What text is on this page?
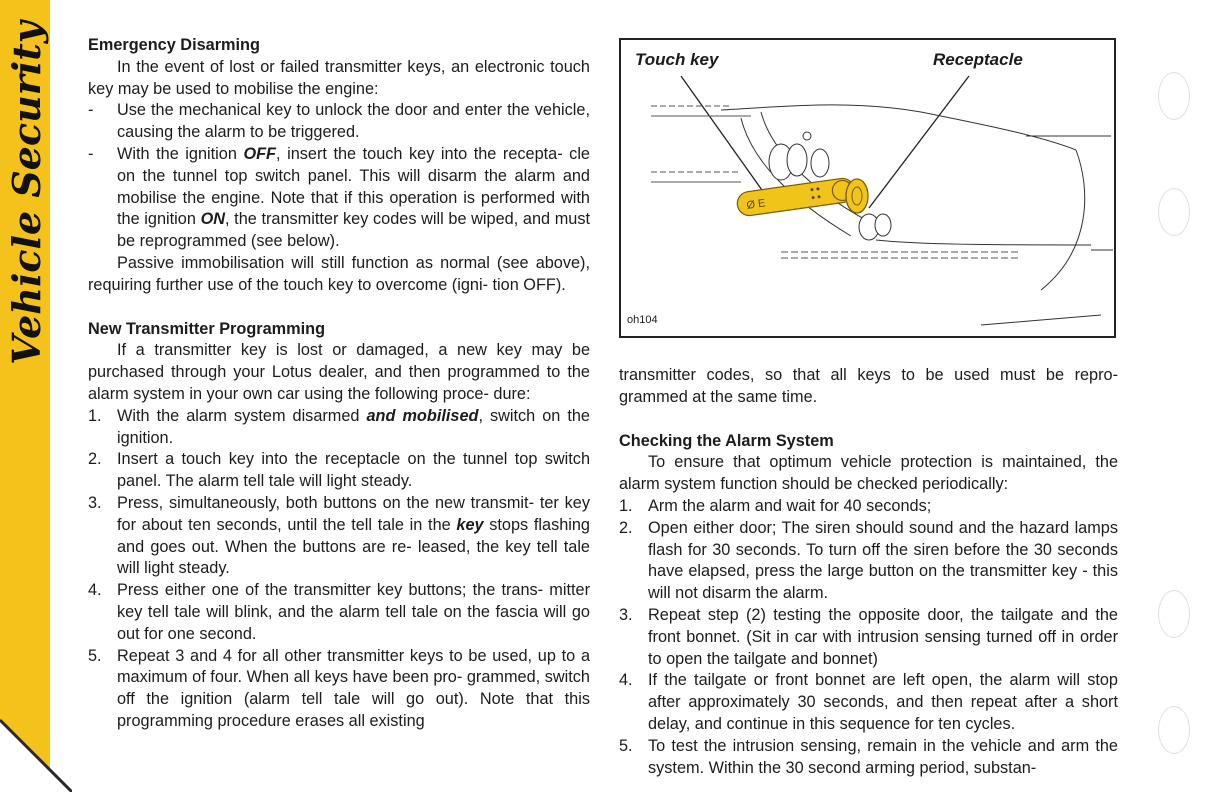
Vehicle Security Emergency Disarming

In the event of lost or failed transmitter keys, an electronic touch key may be used to mobilise the engine:

- Use the mechanical key to unlock the door and enter the vehicle, causing the alarm to be triggered.
- With the ignition OFF, insert the touch key into the recepta- cle on the tunnel top switch panel. This will disarm the alarm and mobilise the engine. Note that if this operation is performed with the ignition ON, the transmitter key codes will be wiped, and must be reprogrammed (see below).

Passive immobilisation will still function as normal (see above), requiring further use of the touch key to overcome (igni- tion OFF).

New Transmitter Programming

If a transmitter key is lost or damaged, a new key may be purchased through your Lotus dealer, and then programmed to the alarm system in your own car using the following proce- dure:

1. With the alarm system disarmed and mobilised, switch on the ignition.
2. Insert a touch key into the receptacle on the tunnel top switch panel. The alarm tell tale will light steady.
3. Press, simultaneously, both buttons on the new transmit- ter key for about ten seconds, until the tell tale in the key stops flashing and goes out. When the buttons are re- leased, the key tell tale will light steady.
4. Press either one of the transmitter key buttons; the trans- mitter key tell tale will blink, and the alarm tell tale on the fascia will go out for one second.
5. Repeat 3 and 4 for all other transmitter keys to be used, up to a maximum of four. When all keys have been pro- grammed, switch off the ignition (alarm tell tale will go out). Note that this programming procedure erases all existing
Ø E
Touch key	Receptacle
oh104

transmitter codes, so that all keys to be used must be repro- grammed at the same time.

Checking the Alarm System

To ensure that optimum vehicle protection is maintained, the alarm system function should be checked periodically:

1. Arm the alarm and wait for 40 seconds;
2. Open either door; The siren should sound and the hazard lamps flash for 30 seconds. To turn off the siren before the 30 seconds have elapsed, press the large button on the transmitter key - this will not disarm the alarm.
3. Repeat step (2) testing the opposite door, the tailgate and the front bonnet. (Sit in car with intrusion sensing turned off in order to open the tailgate and bonnet)
4. If the tailgate or front bonnet are left open, the alarm will stop after approximately 30 seconds, and then repeat after a short delay, and continue in this sequence for ten cycles.
5. To test the intrusion sensing, remain in the vehicle and arm the system. Within the 30 second arming period, substan-
